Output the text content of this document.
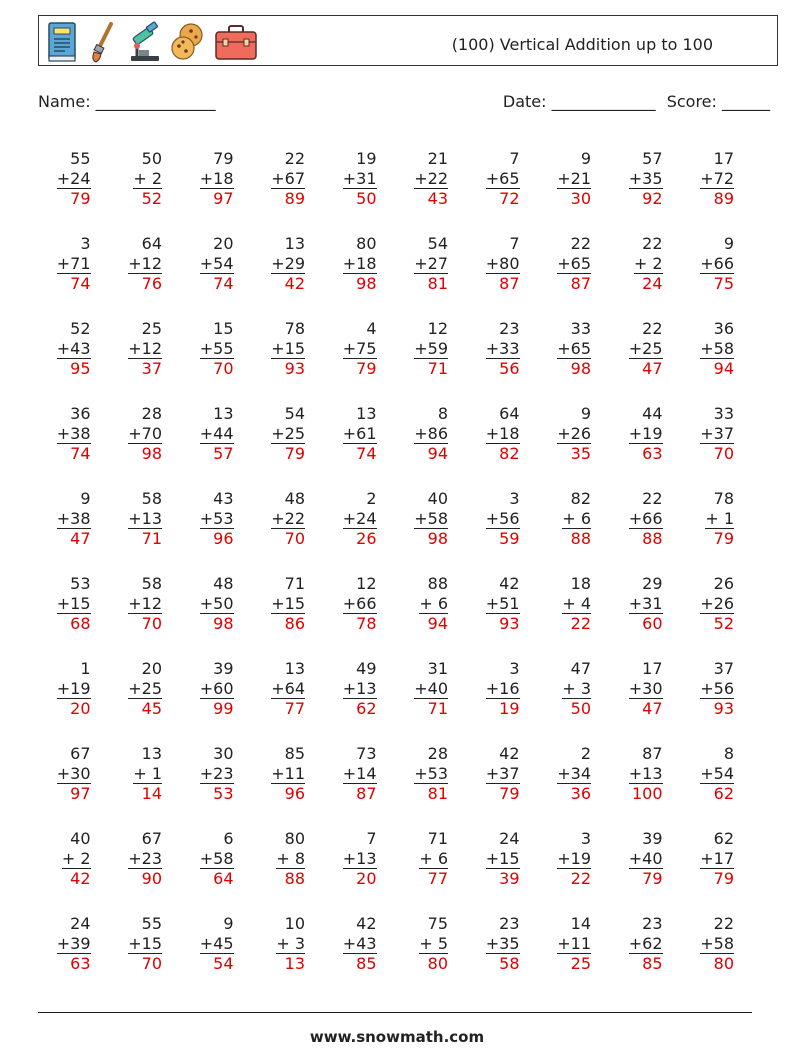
(100) Vertical Addition up to 100
Name: _______________	Date: _____________ Score: ______
55
+24
79
50
+ 2
52
79
+18
97
22
+67
89
19
+31
50
21
+22
43
7
+65
72
9
+21
30
57
+35
92
17
+72
89
3
+71
74
64
+12
76
20
+54
74
13
+29
42
80
+18
98
54
+27
81
7
+80
87
22
+65
87
22
+ 2
24
9
+66
75
52
+43
95
25
+12
37
15
+55
70
78
+15
93
4
+75
79
12
+59
71
23
+33
56
33
+65
98
22
+25
47
36
+58
94
36
+38
74
28
+70
98
13
+44
57
54
+25
79
13
+61
74
8
+86
94
64
+18
82
9
+26
35
44
+19
63
33
+37
70
9
+38
47
58
+13
71
43
+53
96
48
+22
70
2
+24
26
40
+58
98
3
+56
59
82
+ 6
88
22
+66
88
78
+ 1
79
53
+15
68
58
+12
70
48
+50
98
71
+15
86
12
+66
78
88
+ 6
94
42
+51
93
18
+ 4
22
29
+31
60
26
+26
52
1
+19
20
20
+25
45
39
+60
99
13
+64
77
49
+13
62
31
+40
71
3
+16
19
47
+ 3
50
17
+30
47
37
+56
93
67
+30
97
13
+ 1
14
30
+23
53
85
+11
96
73
+14
87
28
+53
81
42
+37
79
2
+34
36
87
+13
100
8
+54
62
40
+ 2
42
67
+23
90
6
+58
64
80
+ 8
88
7
+13
20
71
+ 6
77
24
+15
39
3
+19
22
39
+40
79
62
+17
79
24
+39
63
55
+15
70
9
+45
54
10
+ 3
13
42
+43
85
75
+ 5
80
23
+35
58
14
+11
25
23
+62
85
22
+58
80
www.snowmath.com
